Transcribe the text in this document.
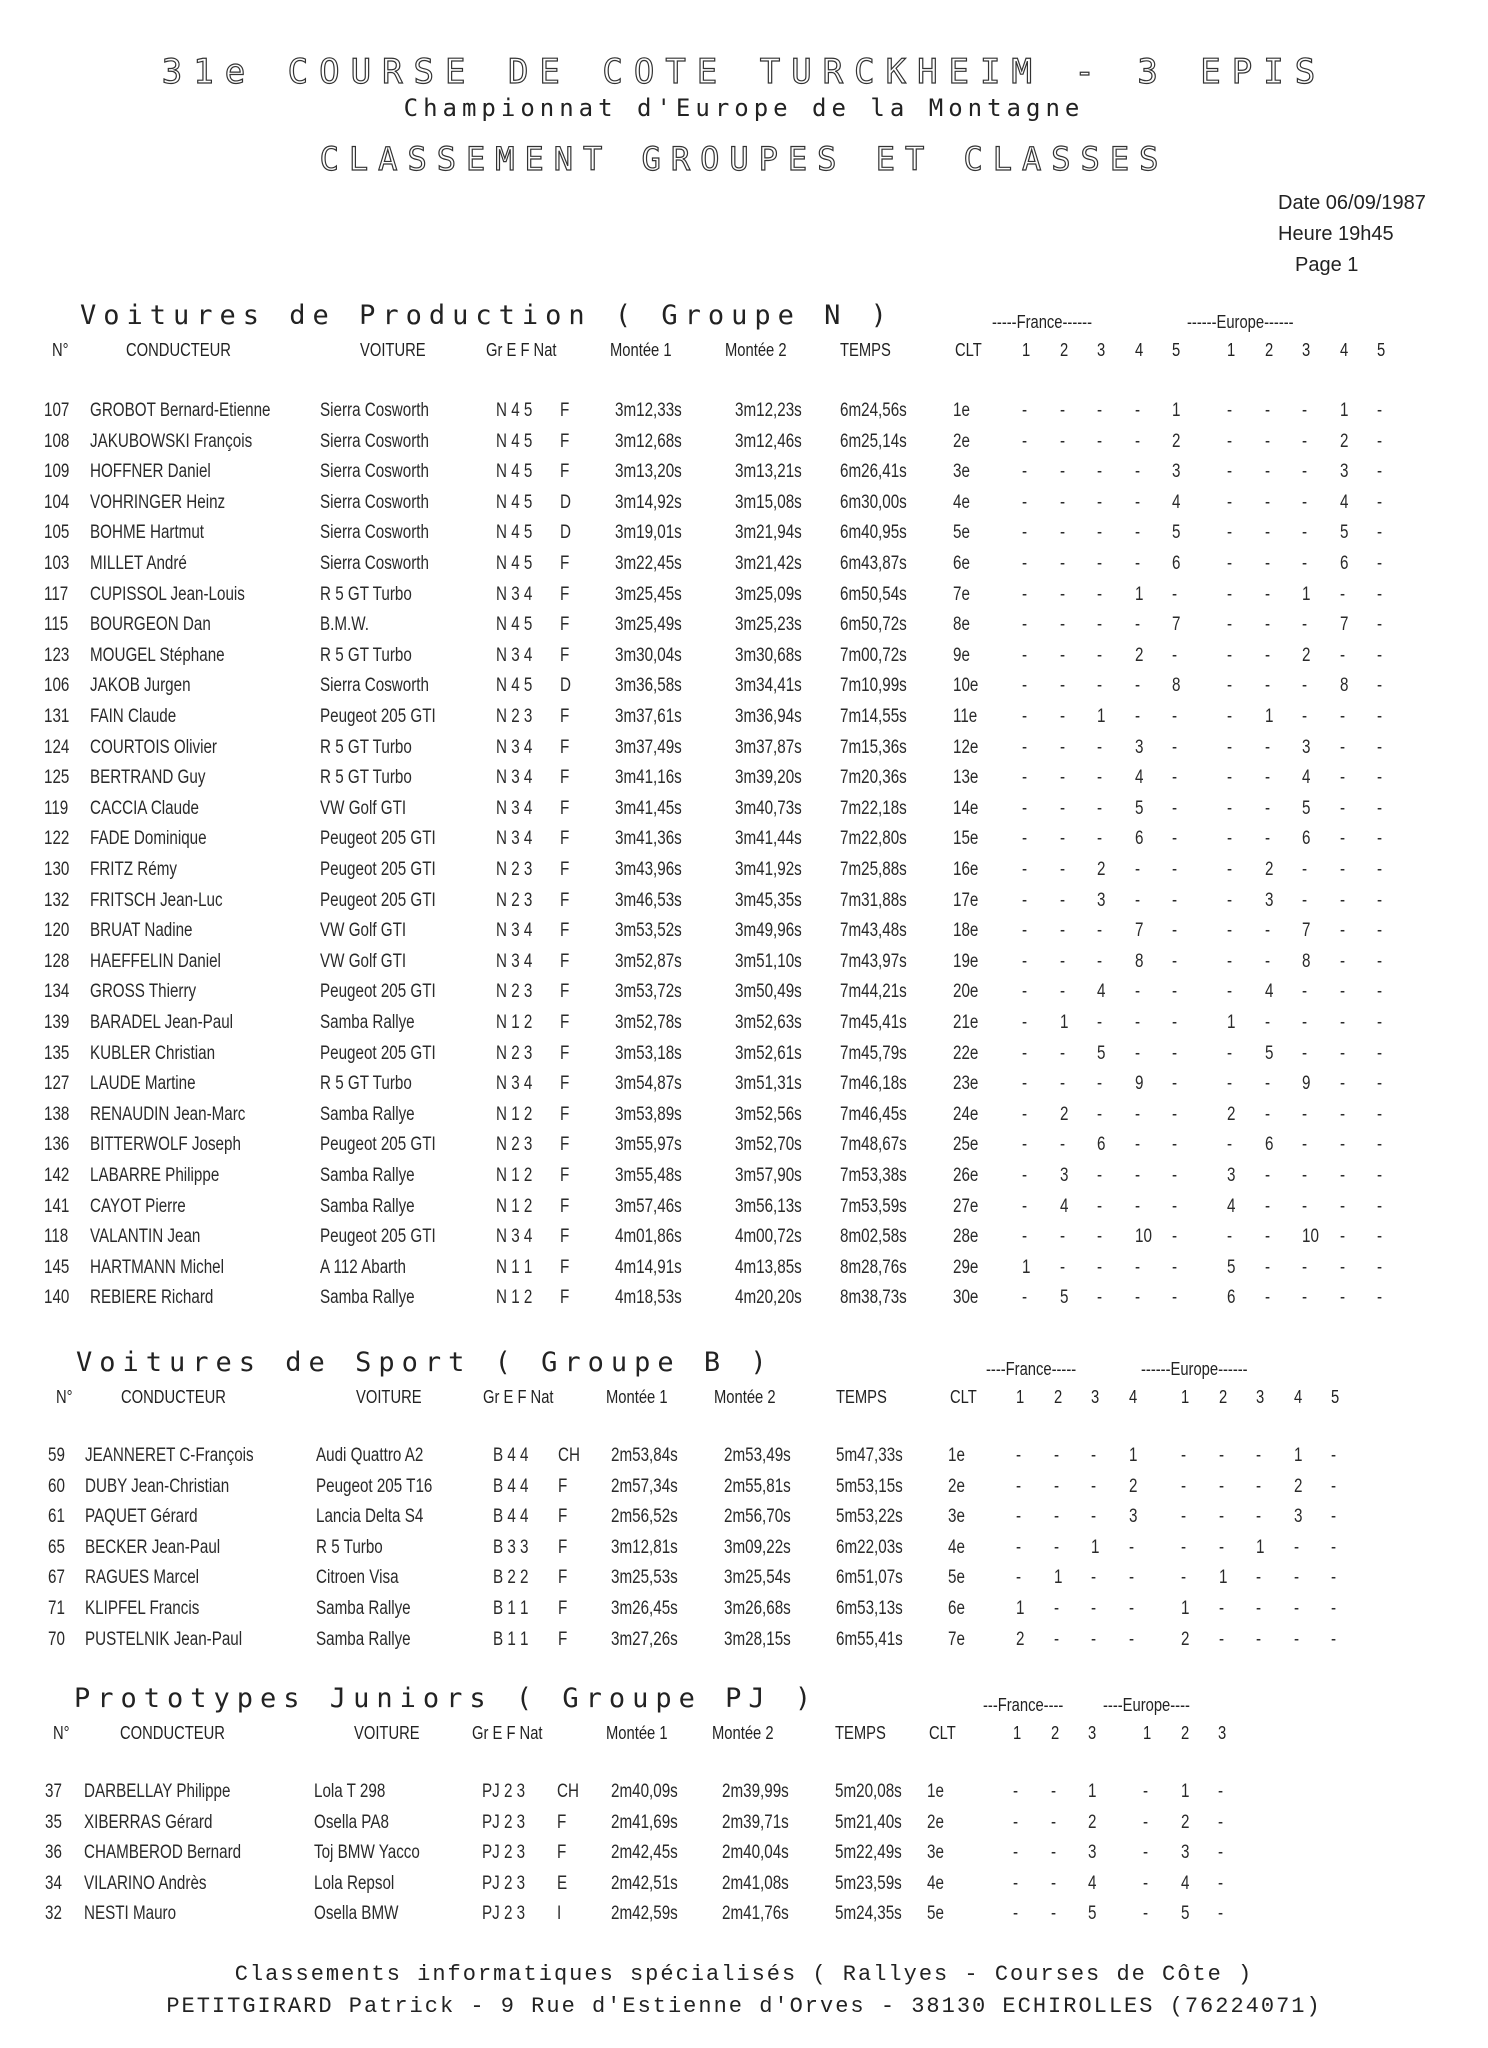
31e COURSE DE COTE TURCKHEIM - 3 EPIS
Championnat d'Europe de la Montagne
CLASSEMENT GROUPES ET CLASSES
Date 06/09/1987
Heure 19h45
Page 1
Voitures de Production ( Groupe N )	-----France------	------Europe------
N°	CONDUCTEUR	VOITURE	Gr E F Nat	Montée 1	Montée 2	TEMPS	CLT 1 2 3 4 5	1 2 3 4 5
107 GROBOT Bernard-Etienne	Sierra Cosworth	N 4 5 F 3m12,33s	3m12,23s 6m24,56s 1e	- - - - 1 - - - 1 -
108 JAKUBOWSKI François	Sierra Cosworth	N 4 5 F 3m12,68s	3m12,46s 6m25,14s 2e	- - - - 2 - - - 2 -
109 HOFFNER Daniel	Sierra Cosworth	N 4 5 F 3m13,20s	3m13,21s 6m26,41s 3e	- - - - 3 - - - 3 -
104 VOHRINGER Heinz	Sierra Cosworth	N 4 5 D 3m14,92s	3m15,08s 6m30,00s 4e	- - - - 4 - - - 4 -
105 BOHME Hartmut	Sierra Cosworth	N 4 5 D 3m19,01s	3m21,94s 6m40,95s 5e	- - - - 5 - - - 5 -
103 MILLET André	Sierra Cosworth	N 4 5 F 3m22,45s	3m21,42s 6m43,87s 6e	- - - - 6 - - - 6 -
117 CUPISSOL Jean-Louis	R 5 GT Turbo	N 3 4 F 3m25,45s	3m25,09s 6m50,54s 7e	- - - 1 -	- - 1 - -
115 BOURGEON Dan	B.M.W.	N 4 5 F 3m25,49s	3m25,23s 6m50,72s 8e	- - - - 7 - - - 7 -
123 MOUGEL Stéphane	R 5 GT Turbo	N 3 4 F 3m30,04s	3m30,68s 7m00,72s 9e	- - - 2 -	- - 2 - -
106 JAKOB Jurgen	Sierra Cosworth	N 4 5 D 3m36,58s	3m34,41s 7m10,99s 10e - - - - 8 - - - 8 -
131 FAIN Claude	Peugeot 205 GTI	N 2 3 F 3m37,61s	3m36,94s 7m14,55s 11e - - 1 - -	- 1 - - -
124 COURTOIS Olivier	R 5 GT Turbo	N 3 4 F 3m37,49s	3m37,87s 7m15,36s 12e - - - 3 -	- - 3 - -
125 BERTRAND Guy	R 5 GT Turbo	N 3 4 F 3m41,16s	3m39,20s 7m20,36s 13e - - - 4 -	- - 4 - -
119 CACCIA Claude	VW Golf GTI	N 3 4 F 3m41,45s	3m40,73s 7m22,18s 14e - - - 5 -	- - 5 - -
122 FADE Dominique	Peugeot 205 GTI	N 3 4 F 3m41,36s	3m41,44s 7m22,80s 15e - - - 6 -	- - 6 - -
130 FRITZ Rémy	Peugeot 205 GTI	N 2 3 F 3m43,96s	3m41,92s 7m25,88s 16e - - 2 - -	- 2 - - -
132 FRITSCH Jean-Luc	Peugeot 205 GTI	N 2 3 F 3m46,53s	3m45,35s 7m31,88s 17e - - 3 - -	- 3 - - -
120 BRUAT Nadine	VW Golf GTI	N 3 4 F 3m53,52s	3m49,96s 7m43,48s 18e - - - 7 -	- - 7 - -
128 HAEFFELIN Daniel	VW Golf GTI	N 3 4 F 3m52,87s	3m51,10s 7m43,97s 19e - - - 8 -	- - 8 - -
134 GROSS Thierry	Peugeot 205 GTI	N 2 3 F 3m53,72s	3m50,49s 7m44,21s 20e - - 4 - -	- 4 - - -
139 BARADEL Jean-Paul	Samba Rallye	N 1 2 F 3m52,78s	3m52,63s 7m45,41s 21e - 1 - - -	1 - - - -
135 KUBLER Christian	Peugeot 205 GTI	N 2 3 F 3m53,18s	3m52,61s 7m45,79s 22e - - 5 - -	- 5 - - -
127 LAUDE Martine	R 5 GT Turbo	N 3 4 F 3m54,87s	3m51,31s 7m46,18s 23e - - - 9 -	- - 9 - -
138 RENAUDIN Jean-Marc	Samba Rallye	N 1 2 F 3m53,89s	3m52,56s 7m46,45s 24e - 2 - - -	2 - - - -
136 BITTERWOLF Joseph	Peugeot 205 GTI	N 2 3 F 3m55,97s	3m52,70s 7m48,67s 25e - - 6 - -	- 6 - - -
142 LABARRE Philippe	Samba Rallye	N 1 2 F 3m55,48s	3m57,90s 7m53,38s 26e - 3 - - -	3 - - - -
141 CAYOT Pierre	Samba Rallye	N 1 2 F 3m57,46s	3m56,13s 7m53,59s 27e - 4 - - -	4 - - - -
118 VALANTIN Jean	Peugeot 205 GTI	N 3 4 F 4m01,86s	4m00,72s 8m02,58s 28e - - - 10 -	- - 10 - -
145 HARTMANN Michel	A 112 Abarth	N 1 1 F 4m14,91s	4m13,85s 8m28,76s 29e 1 - - - -	5 - - - -
140 REBIERE Richard	Samba Rallye	N 1 2 F 4m18,53s	4m20,20s 8m38,73s 30e - 5 - - -	6 - - - -
Voitures de Sport ( Groupe B )	----France-----	------Europe------
N°	CONDUCTEUR	VOITURE	Gr E F Nat	Montée 1	Montée 2	TEMPS	CLT 1 2 3 4 1 2 3 4 5
59 JEANNERET C-François	Audi Quattro A2	B 4 4 CH 2m53,84s 2m53,49s 5m47,33s 1e	- - - 1 - - - 1 -
60 DUBY Jean-Christian	Peugeot 205 T16	B 4 4 F 2m57,34s 2m55,81s 5m53,15s 2e	- - - 2 - - - 2 -
61 PAQUET Gérard	Lancia Delta S4	B 4 4 F 2m56,52s 2m56,70s 5m53,22s 3e	- - - 3 - - - 3 -
65 BECKER Jean-Paul	R 5 Turbo	B 3 3 F 3m12,81s 3m09,22s 6m22,03s 4e	- - 1 - - - 1 - -
67 RAGUES Marcel	Citroen Visa	B 2 2 F 3m25,53s 3m25,54s 6m51,07s 5e	- 1 - - - 1 - - -
71 KLIPFEL Francis	Samba Rallye	B 1 1 F 3m26,45s 3m26,68s 6m53,13s 6e	1 - - - 1 - - - -
70 PUSTELNIK Jean-Paul	Samba Rallye	B 1 1 F 3m27,26s 3m28,15s 6m55,41s 7e	2 - - - 2 - - - -
Prototypes Juniors ( Groupe PJ )	---France---- ----Europe----
N°	CONDUCTEUR	VOITURE	Gr E F Nat	Montée 1 Montée 2	TEMPS CLT	1 2 3	1 2 3
37 DARBELLAY Philippe	Lola T 298	PJ 2 3 CH 2m40,09s 2m39,99s 5m20,08s 1e	- - 1 - 1 -
35 XIBERRAS Gérard	Osella PA8	PJ 2 3 F 2m41,69s 2m39,71s 5m21,40s 2e	- - 2 - 2 -
36 CHAMBEROD Bernard	Toj BMW Yacco	PJ 2 3 F 2m42,45s 2m40,04s 5m22,49s 3e	- - 3 - 3 -
34 VILARINO Andrès	Lola Repsol	PJ 2 3 E 2m42,51s 2m41,08s 5m23,59s 4e	- - 4 - 4 -
32 NESTI Mauro	Osella BMW	PJ 2 3 I	2m42,59s 2m41,76s 5m24,35s 5e	- - 5 - 5 -
Classements informatiques spécialisés ( Rallyes - Courses de Côte )
PETITGIRARD Patrick - 9 Rue d'Estienne d'Orves - 38130 ECHIROLLES (76224071)
